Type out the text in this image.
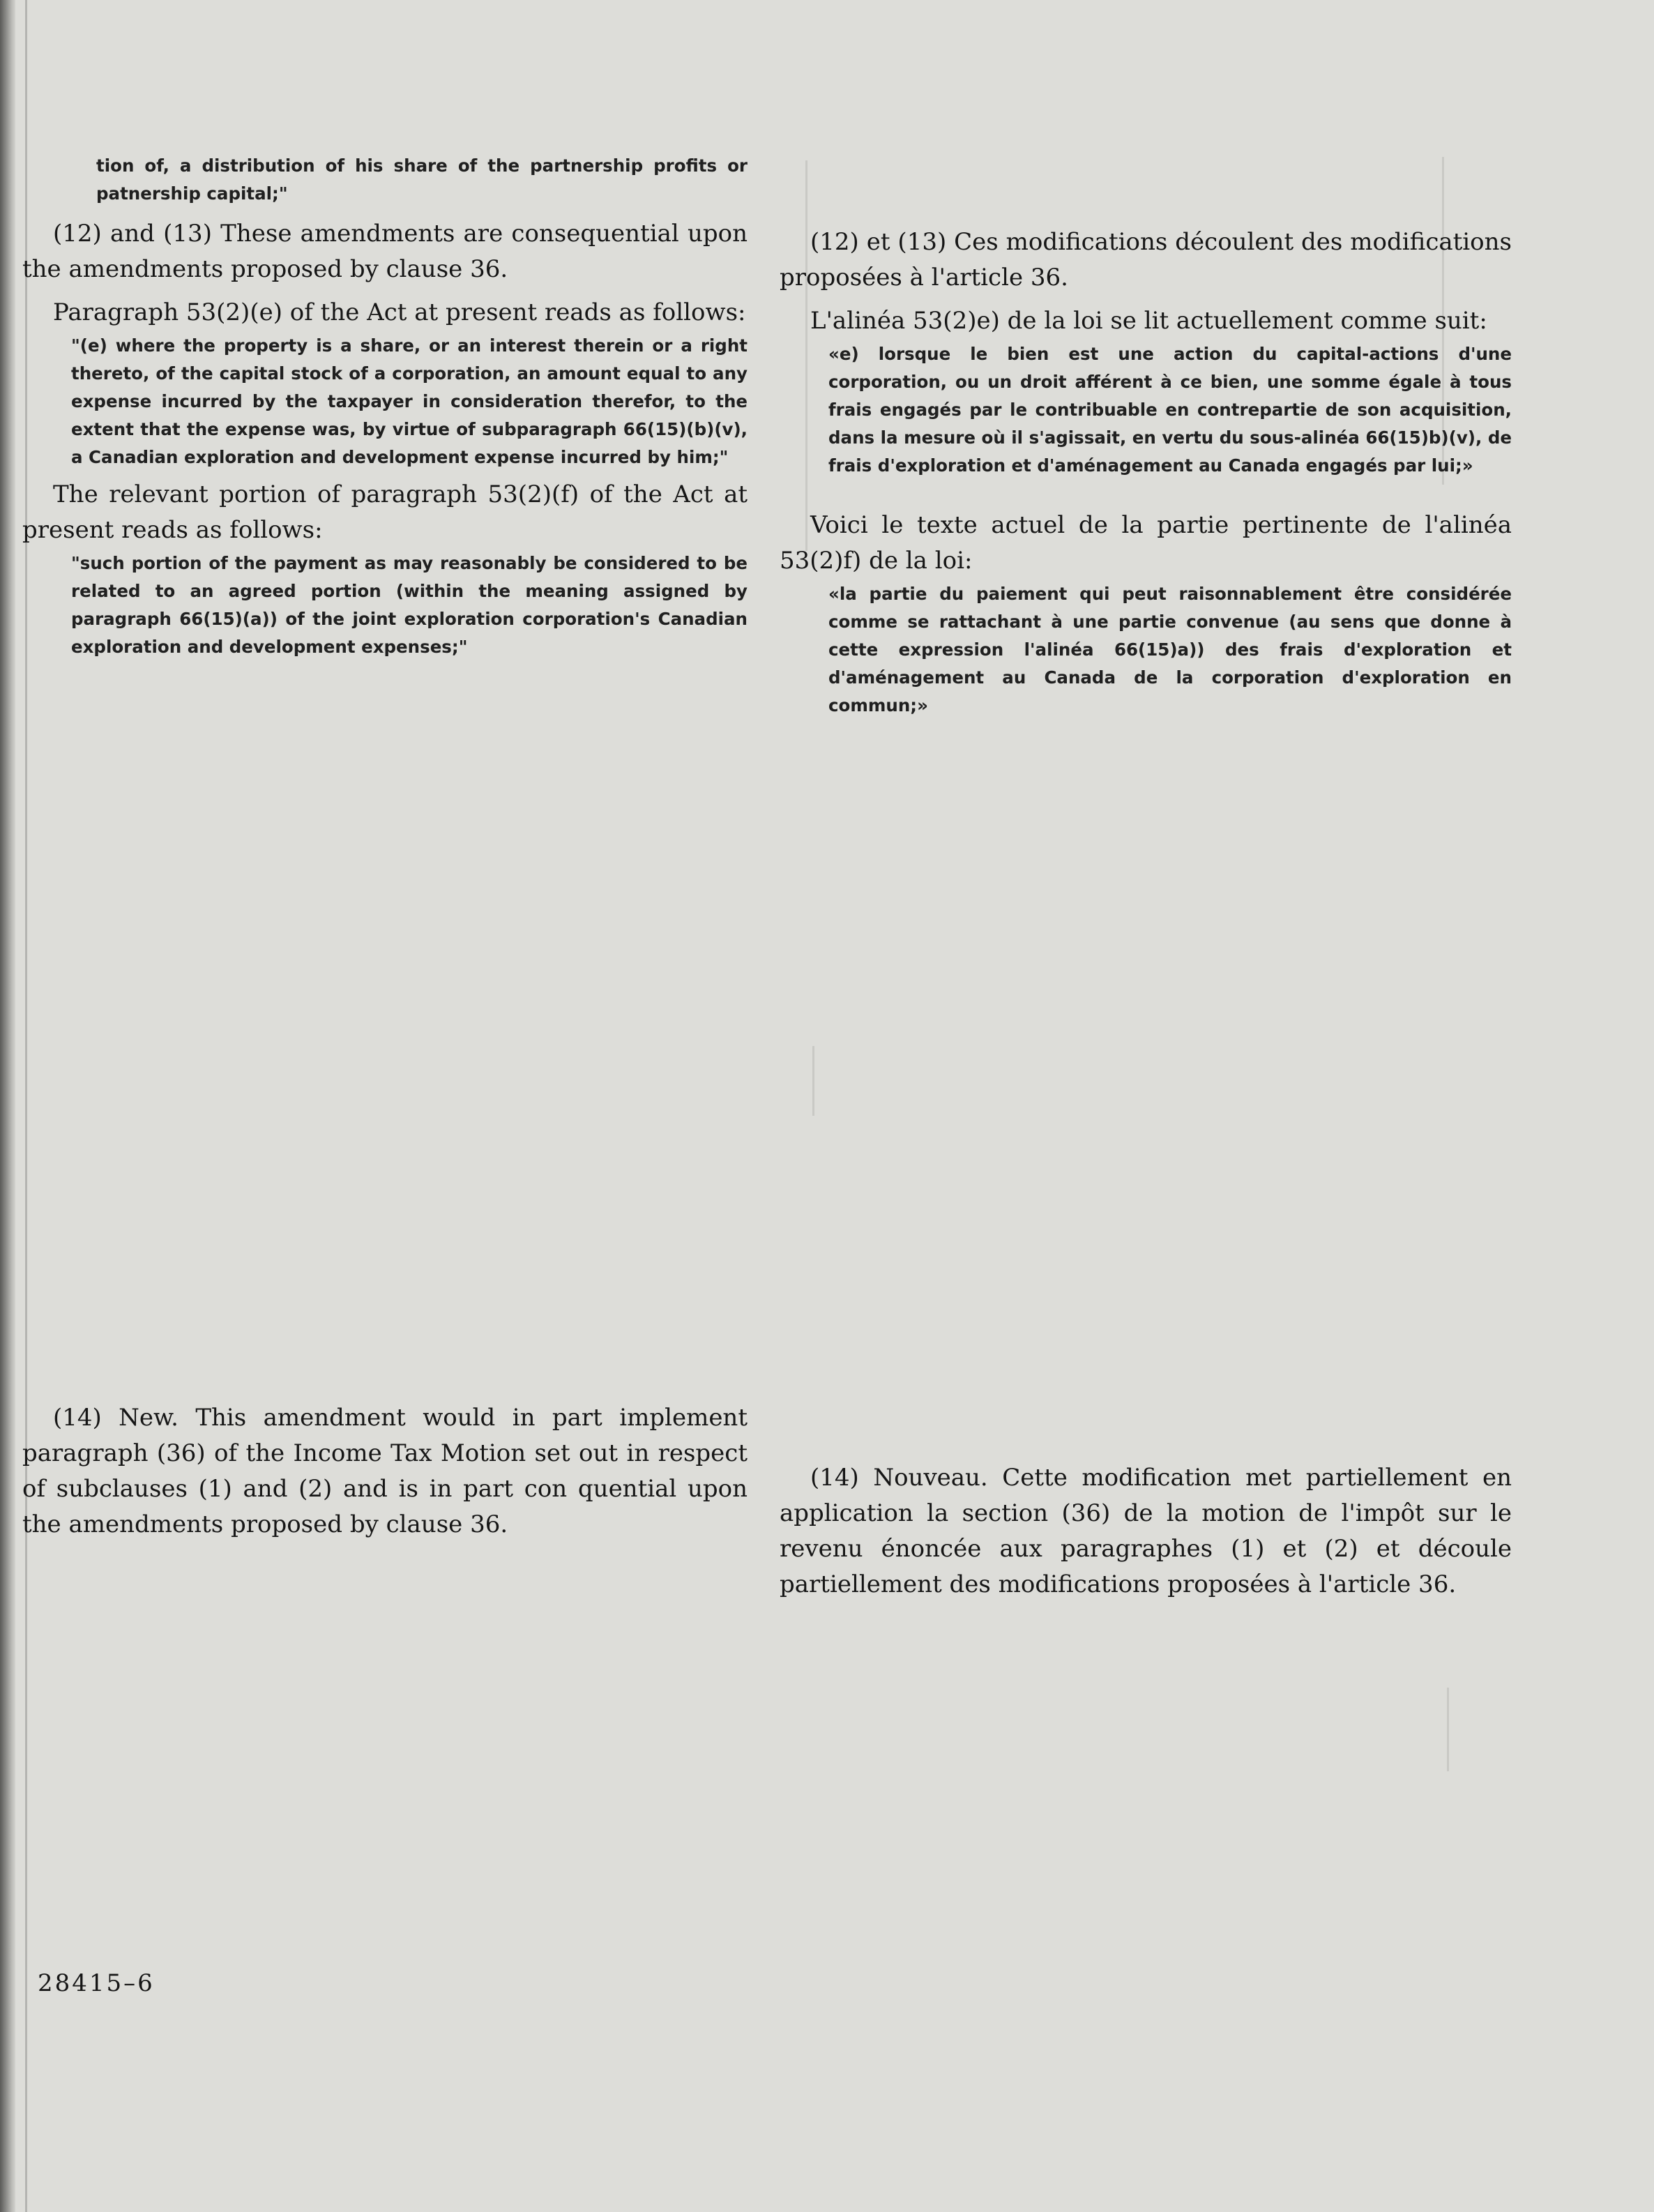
tion of, a distribution of his share of the partnership profits or patnership capital;"

(12) and (13) These amendments are consequential upon the amendments proposed by clause 36.

Paragraph 53(2)(e) of the Act at present reads as follows:

"(e) where the property is a share, or an interest therein or a right thereto, of the capital stock of a corporation, an amount equal to any expense incurred by the taxpayer in consideration therefor, to the extent that the expense was, by virtue of subparagraph 66(15)(b)(v), a Canadian exploration and development expense incurred by him;"

The relevant portion of paragraph 53(2)(f) of the Act at present reads as follows:

"such portion of the payment as may reasonably be considered to be related to an agreed portion (within the meaning assigned by paragraph 66(15)(a)) of the joint exploration corporation's Canadian exploration and development expenses;"

(14) New. This amendment would in part implement paragraph (36) of the Income Tax Motion set out in respect of subclauses (1) and (2) and is in part con quential upon the amendments proposed by clause 36.

(12) et (13) Ces modifications découlent des modifications proposées à l'article 36.

L'alinéa 53(2)e) de la loi se lit actuellement comme suit:

«e) lorsque le bien est une action du capital-actions d'une corporation, ou un droit afférent à ce bien, une somme égale à tous frais engagés par le contribuable en contrepartie de son acquisition, dans la mesure où il s'agissait, en vertu du sous-alinéa 66(15)b)(v), de frais d'exploration et d'aménagement au Canada engagés par lui;»

Voici le texte actuel de la partie pertinente de l'alinéa 53(2)f) de la loi:

«la partie du paiement qui peut raisonnablement être considérée comme se rattachant à une partie convenue (au sens que donne à cette expression l'alinéa 66(15)a)) des frais d'exploration et d'aménagement au Canada de la corporation d'exploration en commun;»

(14) Nouveau. Cette modification met partiellement en application la section (36) de la motion de l'impôt sur le revenu énoncée aux paragraphes (1) et (2) et découle partiellement des modifications proposées à l'article 36.

28415–6
